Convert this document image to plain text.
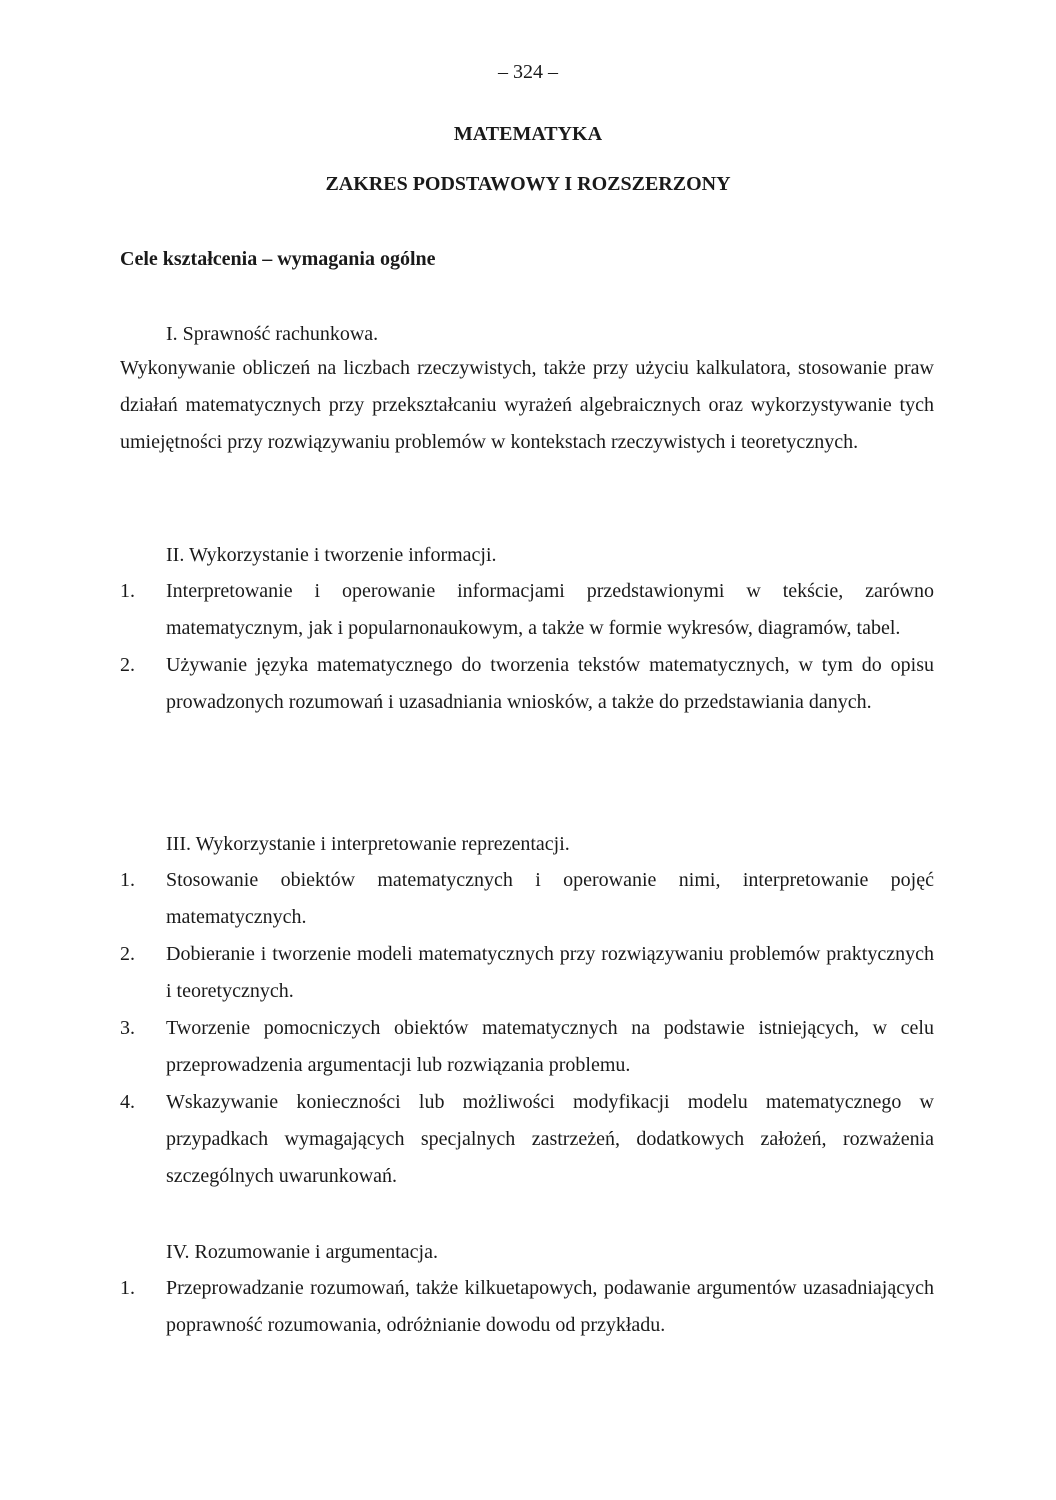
– 324 –
MATEMATYKA
ZAKRES PODSTAWOWY I ROZSZERZONY
Cele kształcenia – wymagania ogólne
I. Sprawność rachunkowa.
Wykonywanie obliczeń na liczbach rzeczywistych, także przy użyciu kalkulatora, stosowanie praw działań matematycznych przy przekształcaniu wyrażeń algebraicznych oraz wykorzystywanie tych umiejętności przy rozwiązywaniu problemów w kontekstach rzeczywistych i teoretycznych.
II. Wykorzystanie i tworzenie informacji.
1. Interpretowanie i operowanie informacjami przedstawionymi w tekście, zarówno matematycznym, jak i popularnonaukowym, a także w formie wykresów, diagramów, tabel.
2. Używanie języka matematycznego do tworzenia tekstów matematycznych, w tym do opisu prowadzonych rozumowań i uzasadniania wniosków, a także do przedstawiania danych.
III. Wykorzystanie i interpretowanie reprezentacji.
1. Stosowanie obiektów matematycznych i operowanie nimi, interpretowanie pojęć matematycznych.
2. Dobieranie i tworzenie modeli matematycznych przy rozwiązywaniu problemów praktycznych i teoretycznych.
3. Tworzenie pomocniczych obiektów matematycznych na podstawie istniejących, w celu przeprowadzenia argumentacji lub rozwiązania problemu.
4. Wskazywanie konieczności lub możliwości modyfikacji modelu matematycznego w przypadkach wymagających specjalnych zastrzeżeń, dodatkowych założeń, rozważenia szczególnych uwarunkowań.
IV. Rozumowanie i argumentacja.
1. Przeprowadzanie rozumowań, także kilkuetapowych, podawanie argumentów uzasadniających poprawność rozumowania, odróżnianie dowodu od przykładu.
